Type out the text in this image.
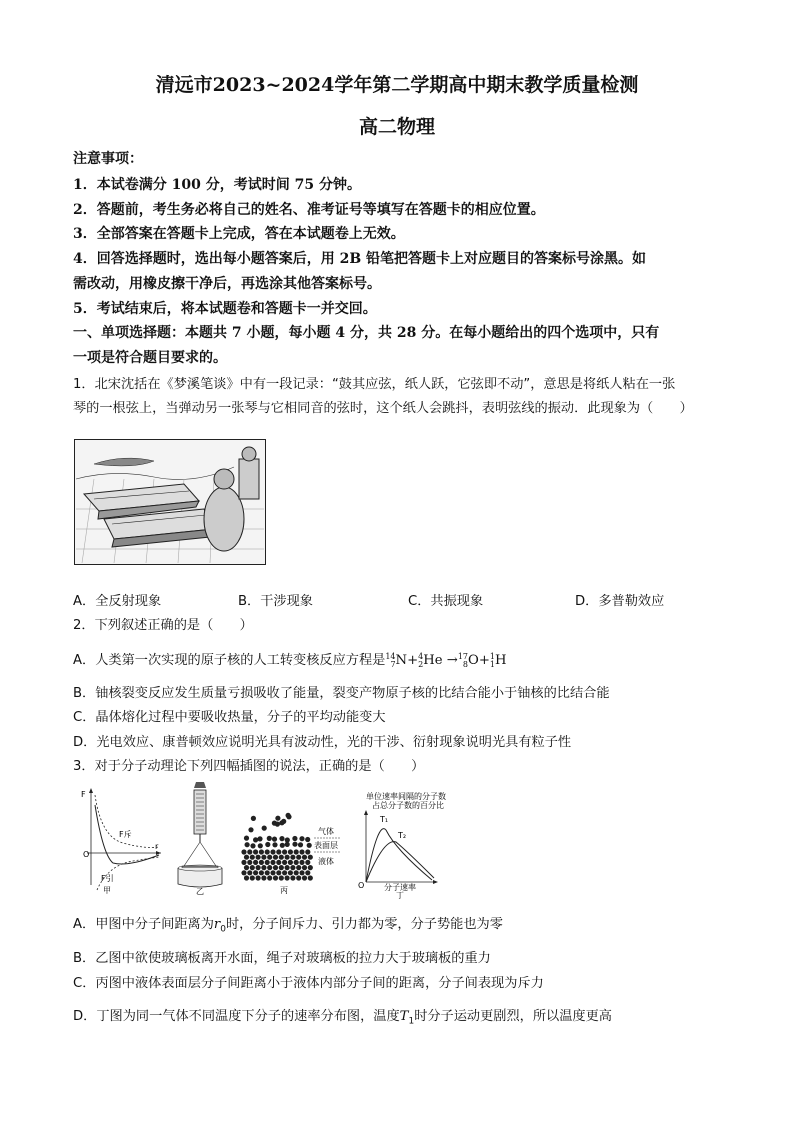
清远市2023~2024学年第二学期高中期末教学质量检测
高二物理
注意事项：
1．本试卷满分 100 分，考试时间 75 分钟。
2．答题前，考生务必将自己的姓名、准考证号等填写在答题卡的相应位置。
3．全部答案在答题卡上完成，答在本试题卷上无效。
4．回答选择题时，选出每小题答案后，用 2B 铅笔把答题卡上对应题目的答案标号涂黑。如
需改动，用橡皮擦干净后，再选涂其他答案标号。
5．考试结束后，将本试题卷和答题卡一并交回。
一、单项选择题：本题共 7 小题，每小题 4 分，共 28 分。在每小题给出的四个选项中，只有
一项是符合题目要求的。
1．北宋沈括在《梦溪笔谈》中有一段记录：“鼓其应弦，纸人跃，它弦即不动”，意思是将纸人粘在一张
琴的一根弦上，当弹动另一张琴与它相同音的弦时，这个纸人会跳抖，表明弦线的振动．此现象为（　　）
A．全反射现象	B．干涉现象	C．共振现象	D．多普勒效应
2．下列叙述正确的是（　　）
A．人类第一次实现的原子核的人工转变核反应方程是14
7N+4
2He →17
8O+1
1H
B．铀核裂变反应发生质量亏损吸收了能量，裂变产物原子核的比结合能小于铀核的比结合能
C．晶体熔化过程中要吸收热量，分子的平均动能变大
D．光电效应、康普顿效应说明光具有波动性，光的干涉、衍射现象说明光具有粒子性
3．对于分子动理论下列四幅插图的说法，正确的是（　　）
F
F斥
F引
O
r
甲	乙
气体
表面层
液体
丙
单位速率间隔的分子数
占总分子数的百分比
T₁
T₂
O 分子速率
丁
A．甲图中分子间距离为$r_0$时，分子间斥力、引力都为零，分子势能也为零
B．乙图中欲使玻璃板离开水面，绳子对玻璃板的拉力大于玻璃板的重力
C．丙图中液体表面层分子间距离小于液体内部分子间的距离，分子间表现为斥力
D．丁图为同一气体不同温度下分子的速率分布图，温度$T_1$时分子运动更剧烈，所以温度更高
